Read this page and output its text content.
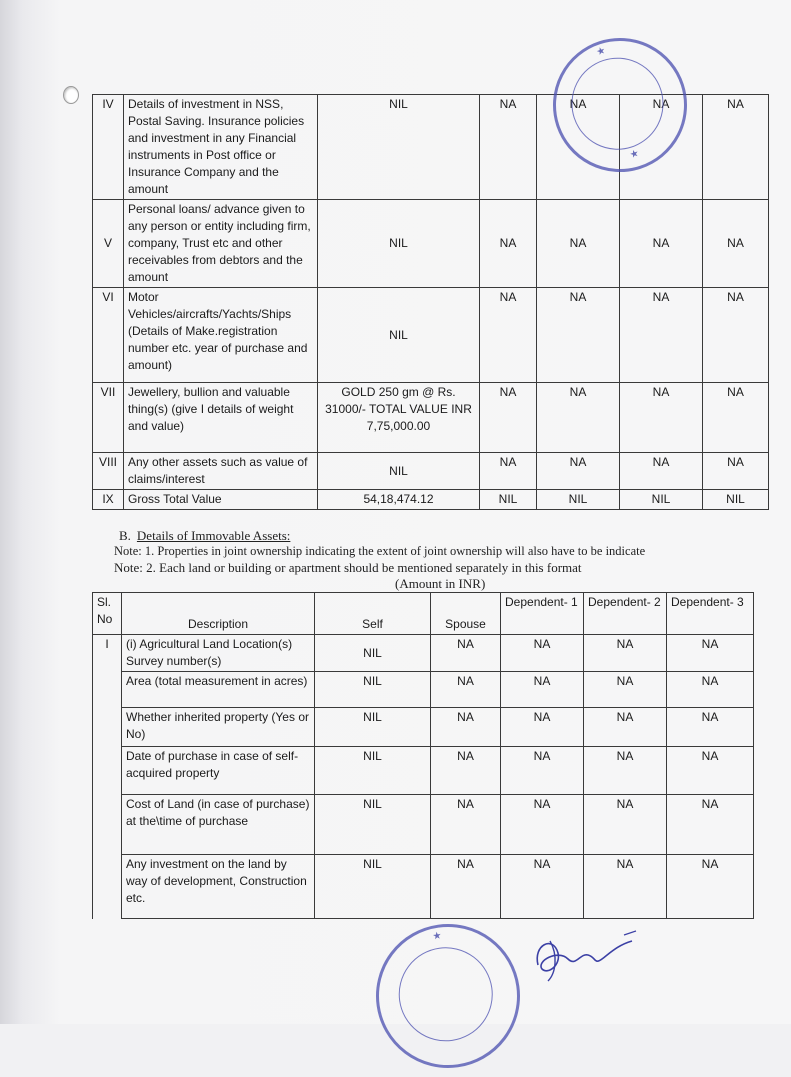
IV	Details of investment in NSS, Postal Saving. Insurance policies and investment in any Financial instruments in Post office or Insurance Company and the amount	NIL	NA	NA	NA	NA
V	Personal loans/ advance given to any person or entity including firm, company, Trust etc and other receivables from debtors and the amount	NIL	NA	NA	NA	NA
VI	Motor Vehicles/aircrafts/Yachts/Ships (Details of Make.registration number etc. year of purchase and amount)	NIL	NA	NA	NA	NA
VII	Jewellery, bullion and valuable thing(s) (give I details of weight and value)	GOLD 250 gm @ Rs. 31000/- TOTAL VALUE INR 7,75,000.00	NA	NA	NA	NA
VIII	Any other assets such as value of claims/interest	NIL	NA	NA	NA	NA
IX	Gross Total Value	54,18,474.12	NIL	NIL	NIL	NIL
B. Details of Immovable Assets:
Note: 1. Properties in joint ownership indicating the extent of joint ownership will also have to be indicate
Note: 2. Each land or building or apartment should be mentioned separately in this format
(Amount in INR)
Sl. No	Description	Self	Spouse	Dependent- 1	Dependent- 2	Dependent- 3
I	(i) Agricultural Land Location(s) Survey number(s)	NIL	NA	NA	NA	NA
	Area (total measurement in acres)	NIL	NA	NA	NA	NA
	Whether inherited property (Yes or No)	NIL	NA	NA	NA	NA
	Date of purchase in case of self-acquired property	NIL	NA	NA	NA	NA
	Cost of Land (in case of purchase) at the\time of purchase	NIL	NA	NA	NA	NA
	Any investment on the land by way of development, Construction etc.	NIL	NA	NA	NA	NA
★
★
★
